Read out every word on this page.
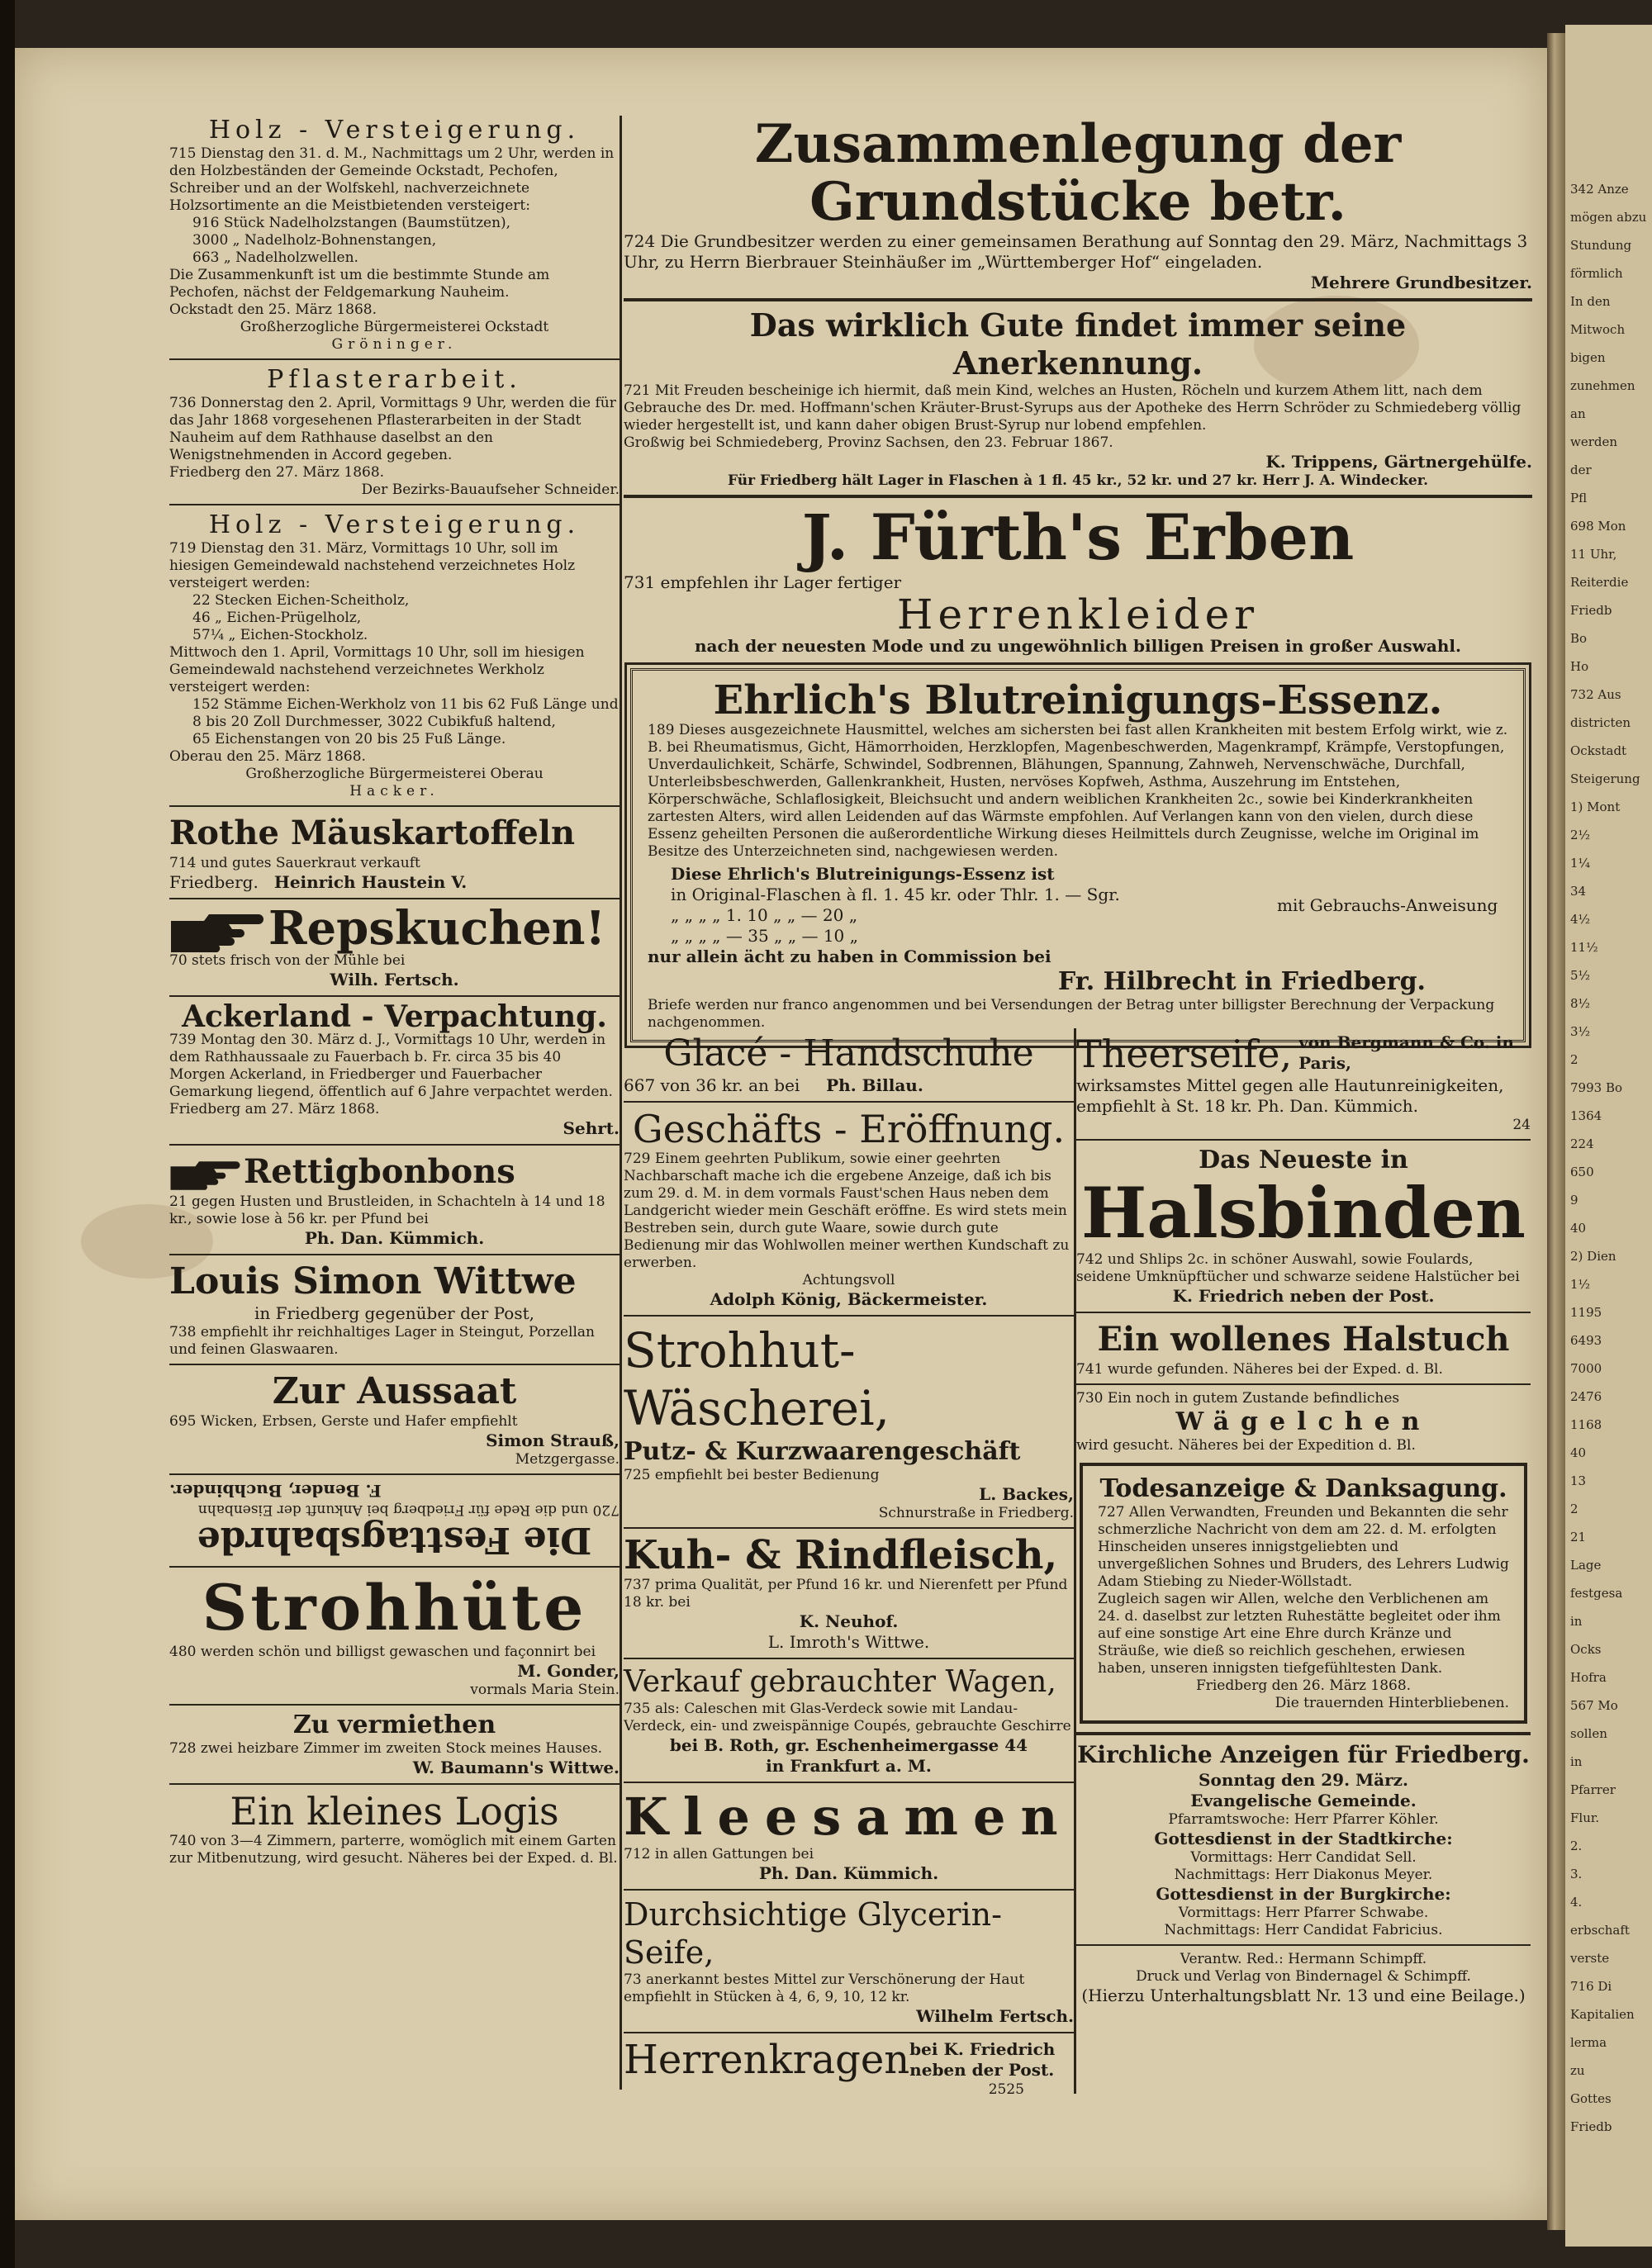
342 Anze
mögen abzu
Stundung
förmlich
In den
Mitwoch
bigen
zunehmen
an
werden
der
Pfl
698 Mon
11 Uhr,
Reiterdie
Friedb
Bo
Ho
732 Aus
districten
Ockstadt
Steigerung
1) Mont
2½
1¼
34
4½
11½
5½
8½
3½
2
7993 Bo
1364
224
650
9
40
2) Dien
1½
1195
6493
7000
2476
1168
40
13
2
21
Lage
festgesa
in
Ocks
Hofra
567 Mo
sollen
in
Pfarrer
Flur.
2.
3.
4.
erbschaft
verste
716 Di
Kapitalien
lerma
zu
Gottes
Friedb
Holz - Versteigerung.
715 Dienstag den 31. d. M., Nachmittags um 2 Uhr, werden in den Holzbeständen der Gemeinde Ockstadt, Pechofen, Schreiber und an der Wolfskehl, nachverzeichnete Holzsortimente an die Meistbietenden versteigert:
916 Stück Nadelholzstangen (Baumstützen),
3000 „ Nadelholz-Bohnenstangen,
663 „ Nadelholzwellen.
Die Zusammenkunft ist um die bestimmte Stunde am Pechofen, nächst der Feldgemarkung Nauheim.
Ockstadt den 25. März 1868.
Großherzogliche Bürgermeisterei Ockstadt
Gröninger.
Pflasterarbeit.
736 Donnerstag den 2. April, Vormittags 9 Uhr, werden die für das Jahr 1868 vorgesehenen Pflasterarbeiten in der Stadt Nauheim auf dem Rathhause daselbst an den Wenigstnehmenden in Accord gegeben.
Friedberg den 27. März 1868.
Der Bezirks-Bauaufseher Schneider.
Holz - Versteigerung.
719 Dienstag den 31. März, Vormittags 10 Uhr, soll im hiesigen Gemeindewald nachstehend verzeichnetes Holz versteigert werden:
22 Stecken Eichen-Scheitholz,
46 „ Eichen-Prügelholz,
57¼ „ Eichen-Stockholz.
Mittwoch den 1. April, Vormittags 10 Uhr, soll im hiesigen Gemeindewald nachstehend verzeichnetes Werkholz versteigert werden:
152 Stämme Eichen-Werkholz von 11 bis 62 Fuß Länge und 8 bis 20 Zoll Durchmesser, 3022 Cubikfuß haltend,
65 Eichenstangen von 20 bis 25 Fuß Länge.
Oberau den 25. März 1868.
Großherzogliche Bürgermeisterei Oberau
Hacker.
Rothe Mäuskartoffeln
714 und gutes Sauerkraut verkauft
Friedberg. Heinrich Haustein V.
Repskuchen!
70 stets frisch von der Mühle bei
Wilh. Fertsch.
Ackerland - Verpachtung.
739 Montag den 30. März d. J., Vormittags 10 Uhr, werden in dem Rathhaussaale zu Fauerbach b. Fr. circa 35 bis 40 Morgen Ackerland, in Friedberger und Fauerbacher Gemarkung liegend, öffentlich auf 6 Jahre verpachtet werden.
Friedberg am 27. März 1868.
Sehrt.
Rettigbonbons
21 gegen Husten und Brustleiden, in Schachteln à 14 und 18 kr., sowie lose à 56 kr. per Pfund bei
Ph. Dan. Kümmich.
Louis Simon Wittwe
in Friedberg gegenüber der Post,
738 empfiehlt ihr reichhaltiges Lager in Steingut, Porzellan und feinen Glaswaaren.
Zur Aussaat
695 Wicken, Erbsen, Gerste und Hafer empfiehlt
Simon Strauß,
Metzgergasse.
Die Festtagsbahrde
720 und die Rede für Friedberg bei Ankunft der Eisenbahn
F. Bender, Buchbinder.
Strohhüte
480 werden schön und billigst gewaschen und façonnirt bei
M. Gonder,
vormals Maria Stein.
Zu vermiethen
728 zwei heizbare Zimmer im zweiten Stock meines Hauses.
W. Baumann's Wittwe.
Ein kleines Logis
740 von 3—4 Zimmern, parterre, womöglich mit einem Garten zur Mitbenutzung, wird gesucht. Näheres bei der Exped. d. Bl.
Zusammenlegung der Grundstücke betr.
724 Die Grundbesitzer werden zu einer gemeinsamen Berathung auf Sonntag den 29. März, Nachmittags 3 Uhr, zu Herrn Bierbrauer Steinhäußer im „Württemberger Hof“ eingeladen.
Mehrere Grundbesitzer.
Das wirklich Gute findet immer seine Anerkennung.
721 Mit Freuden bescheinige ich hiermit, daß mein Kind, welches an Husten, Röcheln und kurzem Athem litt, nach dem Gebrauche des Dr. med. Hoffmann'schen Kräuter-Brust-Syrups aus der Apotheke des Herrn Schröder zu Schmiedeberg völlig wieder hergestellt ist, und kann daher obigen Brust-Syrup nur lobend empfehlen.
Großwig bei Schmiedeberg, Provinz Sachsen, den 23. Februar 1867.
K. Trippens, Gärtnergehülfe.
Für Friedberg hält Lager in Flaschen à 1 fl. 45 kr., 52 kr. und 27 kr. Herr J. A. Windecker.
J. Fürth's Erben
731 empfehlen ihr Lager fertiger
Herrenkleider
nach der neuesten Mode und zu ungewöhnlich billigen Preisen in großer Auswahl.
Ehrlich's Blutreinigungs-Essenz.
189 Dieses ausgezeichnete Hausmittel, welches am sichersten bei fast allen Krankheiten mit bestem Erfolg wirkt, wie z. B. bei Rheumatismus, Gicht, Hämorrhoiden, Herzklopfen, Magenbeschwerden, Magenkrampf, Krämpfe, Verstopfungen, Unverdaulichkeit, Schärfe, Schwindel, Sodbrennen, Blähungen, Spannung, Zahnweh, Nervenschwäche, Durchfall, Unterleibsbeschwerden, Gallenkrankheit, Husten, nervöses Kopfweh, Asthma, Auszehrung im Entstehen, Körperschwäche, Schlaflosigkeit, Bleichsucht und andern weiblichen Krankheiten 2c., sowie bei Kinderkrankheiten zartesten Alters, wird allen Leidenden auf das Wärmste empfohlen. Auf Verlangen kann von den vielen, durch diese Essenz geheilten Personen die außerordentliche Wirkung dieses Heilmittels durch Zeugnisse, welche im Original im Besitze des Unterzeichneten sind, nachgewiesen werden.
Diese Ehrlich's Blutreinigungs-Essenz ist
in Original-Flaschen à fl. 1. 45 kr. oder Thlr. 1. — Sgr.
„ „ „ „ 1. 10 „ „ — 20 „
„ „ „ „ — 35 „ „ — 10 „
mit Gebrauchs-Anweisung
nur allein ächt zu haben in Commission bei
Fr. Hilbrecht in Friedberg.
Briefe werden nur franco angenommen und bei Versendungen der Betrag unter billigster Berechnung der Verpackung nachgenommen.
Glacé - Handschuhe
667 von 36 kr. an bei Ph. Billau.
Geschäfts - Eröffnung.
729 Einem geehrten Publikum, sowie einer geehrten Nachbarschaft mache ich die ergebene Anzeige, daß ich bis zum 29. d. M. in dem vormals Faust'schen Haus neben dem Landgericht wieder mein Geschäft eröffne. Es wird stets mein Bestreben sein, durch gute Waare, sowie durch gute Bedienung mir das Wohlwollen meiner werthen Kundschaft zu erwerben.
Achtungsvoll
Adolph König, Bäckermeister.
Strohhut-Wäscherei,
Putz- & Kurzwaarengeschäft
725 empfiehlt bei bester Bedienung
L. Backes,
Schnurstraße in Friedberg.
Kuh- & Rindfleisch,
737 prima Qualität, per Pfund 16 kr. und Nierenfett per Pfund 18 kr. bei
K. Neuhof.
L. Imroth's Wittwe.
Verkauf gebrauchter Wagen,
735 als: Caleschen mit Glas-Verdeck sowie mit Landau-Verdeck, ein- und zweispännige Coupés, gebrauchte Geschirre
bei B. Roth, gr. Eschenheimergasse 44
in Frankfurt a. M.
Kleesamen
712 in allen Gattungen bei
Ph. Dan. Kümmich.
Durchsichtige Glycerin-Seife,
73 anerkannt bestes Mittel zur Verschönerung der Haut empfiehlt in Stücken à 4, 6, 9, 10, 12 kr.
Wilhelm Fertsch.
Herrenkragen bei K. Friedrich neben der Post.
2525
Theerseife, von Bergmann & Co. in Paris,
wirksamstes Mittel gegen alle Hautunreinigkeiten, empfiehlt à St. 18 kr. Ph. Dan. Kümmich.
24
Das Neueste in
Halsbinden
742 und Shlips 2c. in schöner Auswahl, sowie Foulards, seidene Umknüpftücher und schwarze seidene Halstücher bei
K. Friedrich neben der Post.
Ein wollenes Halstuch
741 wurde gefunden. Näheres bei der Exped. d. Bl.
730 Ein noch in gutem Zustande befindliches
Wägelchen
wird gesucht. Näheres bei der Expedition d. Bl.
Todesanzeige & Danksagung.
727 Allen Verwandten, Freunden und Bekannten die sehr schmerzliche Nachricht von dem am 22. d. M. erfolgten Hinscheiden unseres innigstgeliebten und unvergeßlichen Sohnes und Bruders, des Lehrers Ludwig Adam Stiebing zu Nieder-Wöllstadt.
Zugleich sagen wir Allen, welche den Verblichenen am 24. d. daselbst zur letzten Ruhestätte begleitet oder ihm auf eine sonstige Art eine Ehre durch Kränze und Sträuße, wie dieß so reichlich geschehen, erwiesen haben, unseren innigsten tiefgefühltesten Dank.
Friedberg den 26. März 1868.
Die trauernden Hinterbliebenen.
Kirchliche Anzeigen für Friedberg.
Sonntag den 29. März.
Evangelische Gemeinde.
Pfarramtswoche: Herr Pfarrer Köhler.
Gottesdienst in der Stadtkirche:
Vormittags: Herr Candidat Sell.
Nachmittags: Herr Diakonus Meyer.
Gottesdienst in der Burgkirche:
Vormittags: Herr Pfarrer Schwabe.
Nachmittags: Herr Candidat Fabricius.
Verantw. Red.: Hermann Schimpff.
Druck und Verlag von Bindernagel & Schimpff.
(Hierzu Unterhaltungsblatt Nr. 13 und eine Beilage.)
